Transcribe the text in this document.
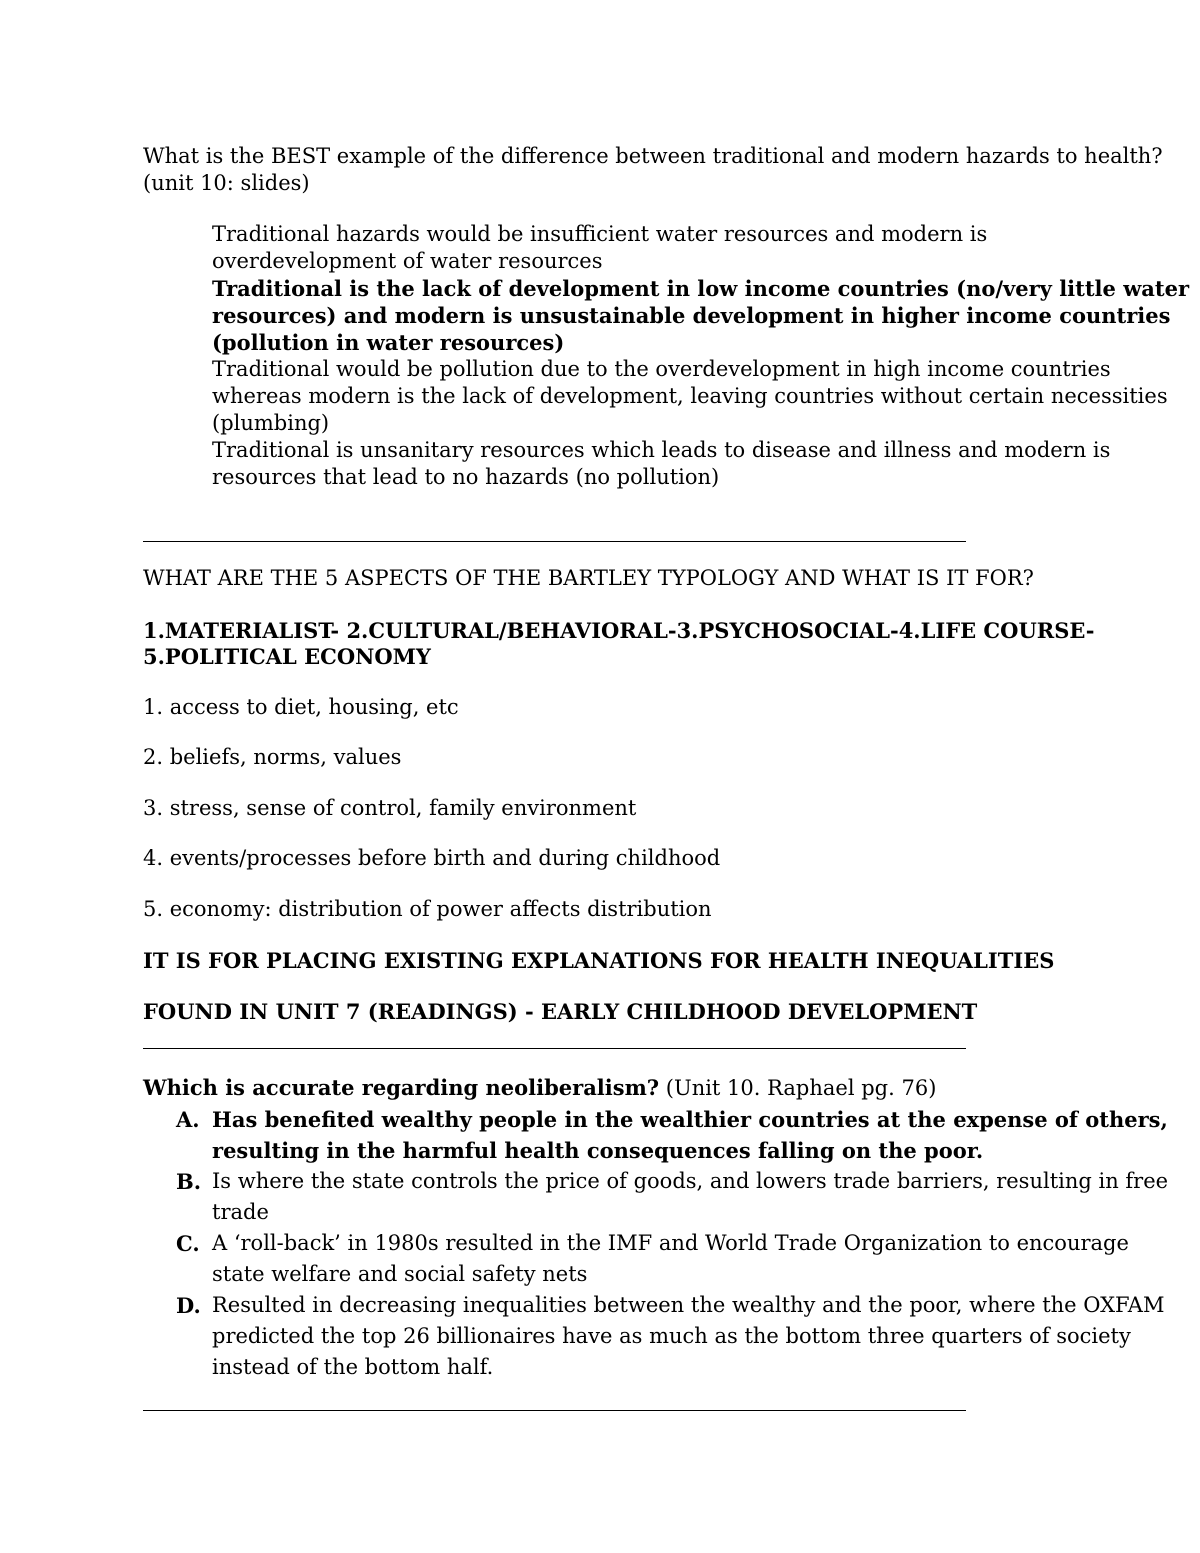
What is the BEST example of the difference between traditional and modern hazards to health?
(unit 10: slides)
Traditional hazards would be insufficient water resources and modern is
overdevelopment of water resources
Traditional is the lack of development in low income countries (no/very little water
resources) and modern is unsustainable development in higher income countries
(pollution in water resources)
Traditional would be pollution due to the overdevelopment in high income countries
whereas modern is the lack of development, leaving countries without certain necessities
(plumbing)
Traditional is unsanitary resources which leads to disease and illness and modern is
resources that lead to no hazards (no pollution)
WHAT ARE THE 5 ASPECTS OF THE BARTLEY TYPOLOGY AND WHAT IS IT FOR?
1.MATERIALIST- 2.CULTURAL/BEHAVIORAL-3.PSYCHOSOCIAL-4.LIFE COURSE-
5.POLITICAL ECONOMY
1. access to diet, housing, etc
2. beliefs, norms, values
3. stress, sense of control, family environment
4. events/processes before birth and during childhood
5. economy: distribution of power affects distribution
IT IS FOR PLACING EXISTING EXPLANATIONS FOR HEALTH INEQUALITIES
FOUND IN UNIT 7 (READINGS) - EARLY CHILDHOOD DEVELOPMENT
Which is accurate regarding neoliberalism? (Unit 10. Raphael pg. 76)
A. Has benefited wealthy people in the wealthier countries at the expense of others,
resulting in the harmful health consequences falling on the poor.
B. Is where the state controls the price of goods, and lowers trade barriers, resulting in free
trade
C. A ‘roll-back’ in 1980s resulted in the IMF and World Trade Organization to encourage
state welfare and social safety nets
D. Resulted in decreasing inequalities between the wealthy and the poor, where the OXFAM
predicted the top 26 billionaires have as much as the bottom three quarters of society
instead of the bottom half.
